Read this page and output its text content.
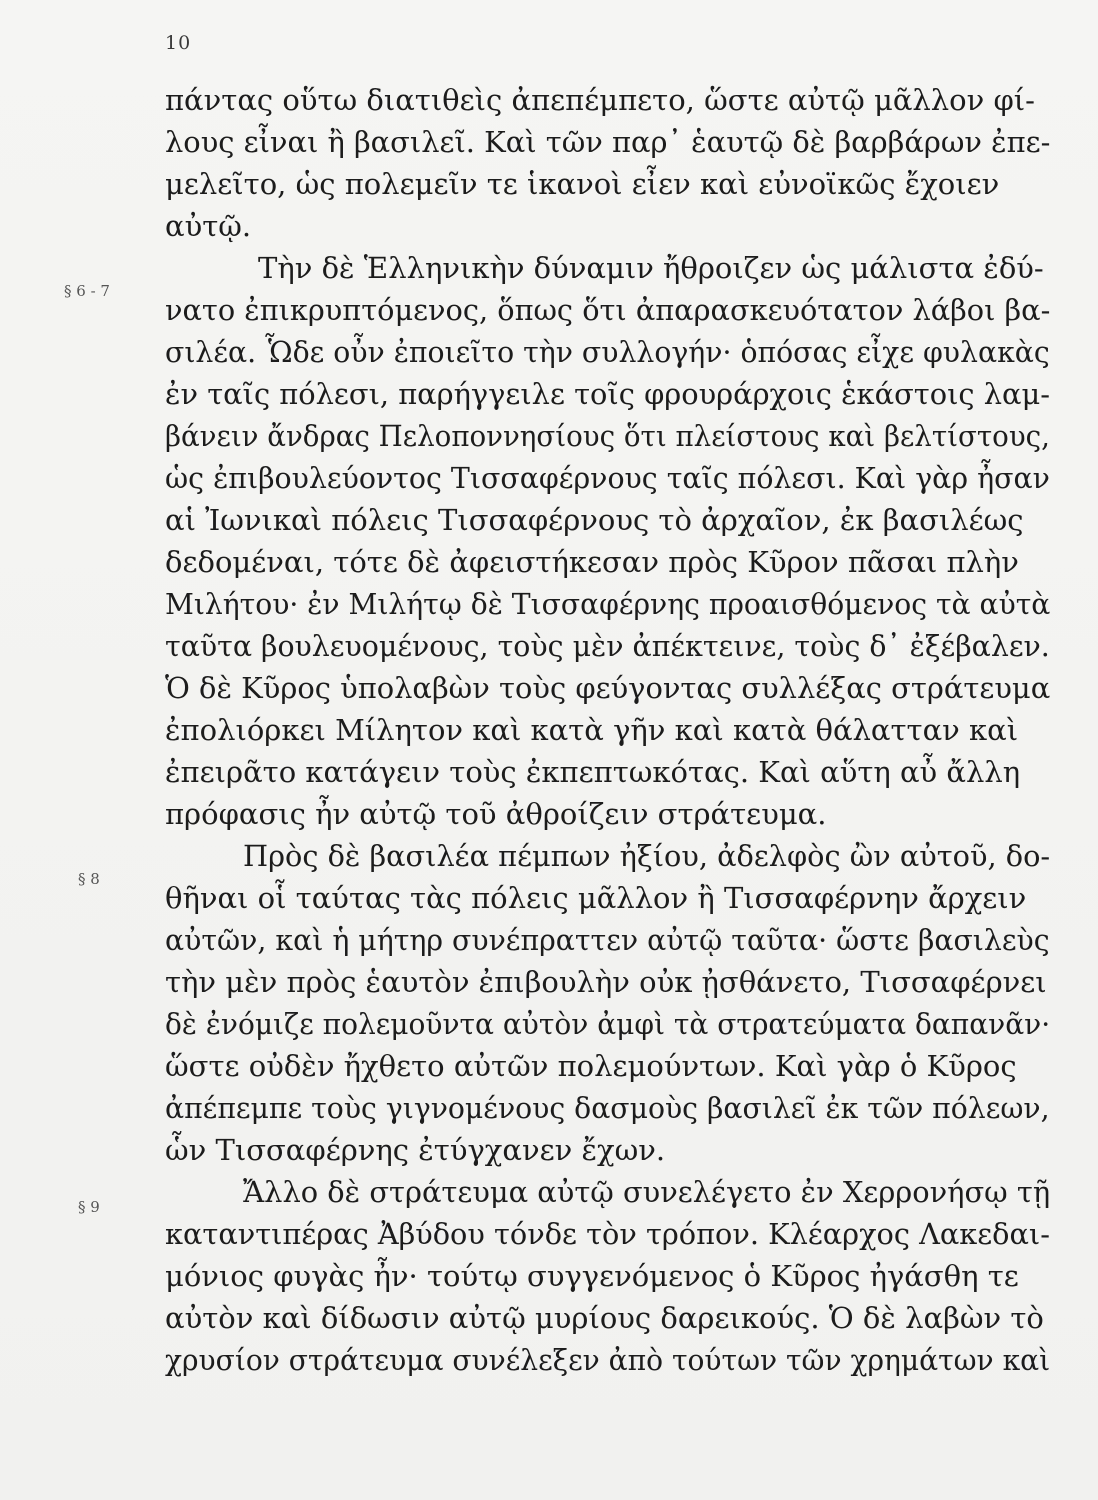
10
§ 6 - 7
§ 8
§ 9
πάντας οὕτω διατιθεὶς ἀπεπέμπετο, ὥστε αὐτῷ μᾶλλον φί-
λους εἶναι ἢ βασιλεῖ. Καὶ τῶν παρ᾽ ἑαυτῷ δὲ βαρβάρων ἐπε-
μελεῖτο, ὡς πολεμεῖν τε ἱκανοὶ εἶεν καὶ εὐνοϊκῶς ἔχοιεν
αὐτῷ.
Τὴν δὲ Ἑλληνικὴν δύναμιν ἤθροιζεν ὡς μάλιστα ἐδύ-
νατο ἐπικρυπτόμενος, ὅπως ὅτι ἀπαρασκευότατον λάβοι βα-
σιλέα. Ὧδε οὖν ἐποιεῖτο τὴν συλλογήν· ὁπόσας εἶχε φυλακὰς
ἐν ταῖς πόλεσι, παρήγγειλε τοῖς φρουράρχοις ἑκάστοις λαμ-
βάνειν ἄνδρας Πελοποννησίους ὅτι πλείστους καὶ βελτίστους,
ὡς ἐπιβουλεύοντος Τισσαφέρνους ταῖς πόλεσι. Καὶ γὰρ ἦσαν
αἱ Ἰωνικαὶ πόλεις Τισσαφέρνους τὸ ἀρχαῖον, ἐκ βασιλέως
δεδομέναι, τότε δὲ ἀφειστήκεσαν πρὸς Κῦρον πᾶσαι πλὴν
Μιλήτου· ἐν Μιλήτῳ δὲ Τισσαφέρνης προαισθόμενος τὰ αὐτὰ
ταῦτα βουλευομένους, τοὺς μὲν ἀπέκτεινε, τοὺς δ᾽ ἐξέβαλεν.
Ὁ δὲ Κῦρος ὑπολαβὼν τοὺς φεύγοντας συλλέξας στράτευμα
ἐπολιόρκει Μίλητον καὶ κατὰ γῆν καὶ κατὰ θάλατταν καὶ
ἐπειρᾶτο κατάγειν τοὺς ἐκπεπτωκότας. Καὶ αὕτη αὖ ἄλλη
πρόφασις ἦν αὐτῷ τοῦ ἀθροίζειν στράτευμα.
Πρὸς δὲ βασιλέα πέμπων ἠξίου, ἀδελφὸς ὢν αὐτοῦ, δο-
θῆναι οἷ ταύτας τὰς πόλεις μᾶλλον ἢ Τισσαφέρνην ἄρχειν
αὐτῶν, καὶ ἡ μήτηρ συνέπραττεν αὐτῷ ταῦτα· ὥστε βασιλεὺς
τὴν μὲν πρὸς ἑαυτὸν ἐπιβουλὴν οὐκ ᾐσθάνετο, Τισσαφέρνει
δὲ ἐνόμιζε πολεμοῦντα αὐτὸν ἀμφὶ τὰ στρατεύματα δαπανᾶν·
ὥστε οὐδὲν ἤχθετο αὐτῶν πολεμούντων. Καὶ γὰρ ὁ Κῦρος
ἀπέπεμπε τοὺς γιγνομένους δασμοὺς βασιλεῖ ἐκ τῶν πόλεων,
ὧν Τισσαφέρνης ἐτύγχανεν ἔχων.
Ἄλλο δὲ στράτευμα αὐτῷ συνελέγετο ἐν Χερρονήσῳ τῇ
καταντιπέρας Ἀβύδου τόνδε τὸν τρόπον. Κλέαρχος Λακεδαι-
μόνιος φυγὰς ἦν· τούτῳ συγγενόμενος ὁ Κῦρος ἠγάσθη τε
αὐτὸν καὶ δίδωσιν αὐτῷ μυρίους δαρεικούς. Ὁ δὲ λαβὼν τὸ
χρυσίον στράτευμα συνέλεξεν ἀπὸ τούτων τῶν χρημάτων καὶ
